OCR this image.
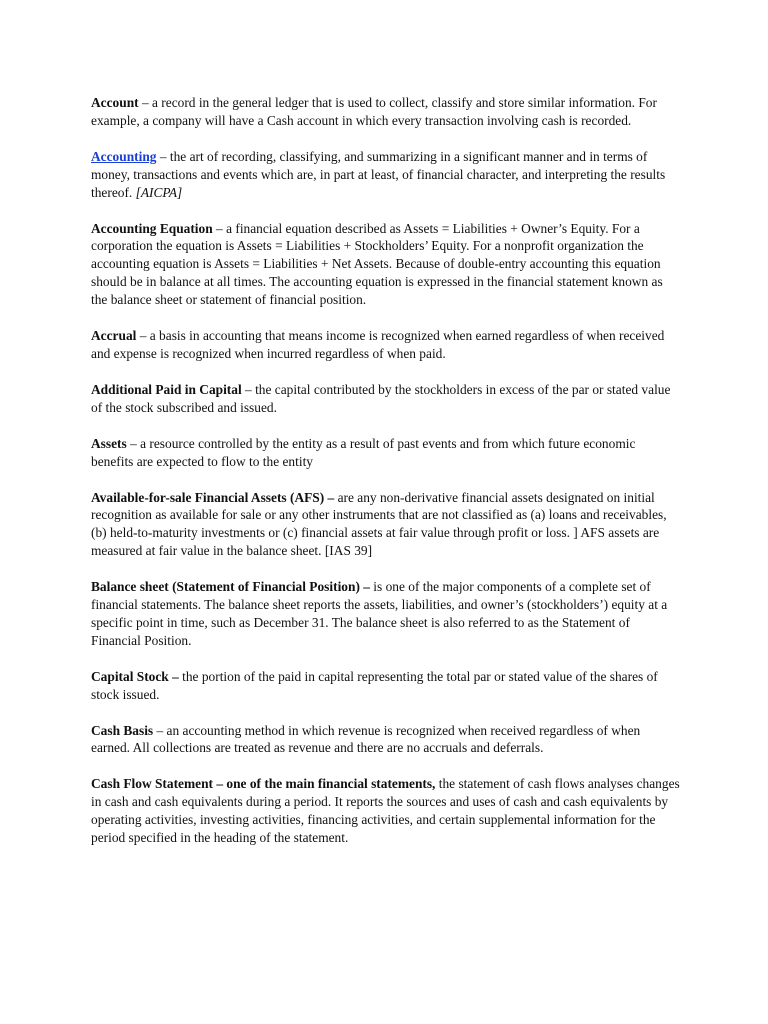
Account – a record in the general ledger that is used to collect, classify and store similar information. For example, a company will have a Cash account in which every transaction involving cash is recorded.

Accounting – the art of recording, classifying, and summarizing in a significant manner and in terms of money, transactions and events which are, in part at least, of financial character, and interpreting the results thereof. [AICPA]

Accounting Equation – a financial equation described as Assets = Liabilities + Owner’s Equity. For a corporation the equation is Assets = Liabilities + Stockholders’ Equity. For a nonprofit organization the accounting equation is Assets = Liabilities + Net Assets. Because of double-entry accounting this equation should be in balance at all times. The accounting equation is expressed in the financial statement known as the balance sheet or statement of financial position.

Accrual – a basis in accounting that means income is recognized when earned regardless of when received and expense is recognized when incurred regardless of when paid.

Additional Paid in Capital – the capital contributed by the stockholders in excess of the par or stated value of the stock subscribed and issued.

Assets – a resource controlled by the entity as a result of past events and from which future economic benefits are expected to flow to the entity

Available-for-sale Financial Assets (AFS) – are any non-derivative financial assets designated on initial recognition as available for sale or any other instruments that are not classified as (a) loans and receivables, (b) held-to-maturity investments or (c) financial assets at fair value through profit or loss. ] AFS assets are measured at fair value in the balance sheet. [IAS 39]

Balance sheet (Statement of Financial Position) – is one of the major components of a complete set of financial statements. The balance sheet reports the assets, liabilities, and owner’s (stockholders’) equity at a specific point in time, such as December 31. The balance sheet is also referred to as the Statement of Financial Position.

Capital Stock – the portion of the paid in capital representing the total par or stated value of the shares of stock issued.

Cash Basis – an accounting method in which revenue is recognized when received regardless of when earned. All collections are treated as revenue and there are no accruals and deferrals.

Cash Flow Statement – one of the main financial statements, the statement of cash flows analyses changes in cash and cash equivalents during a period. It reports the sources and uses of cash and cash equivalents by operating activities, investing activities, financing activities, and certain supplemental information for the period specified in the heading of the statement.
